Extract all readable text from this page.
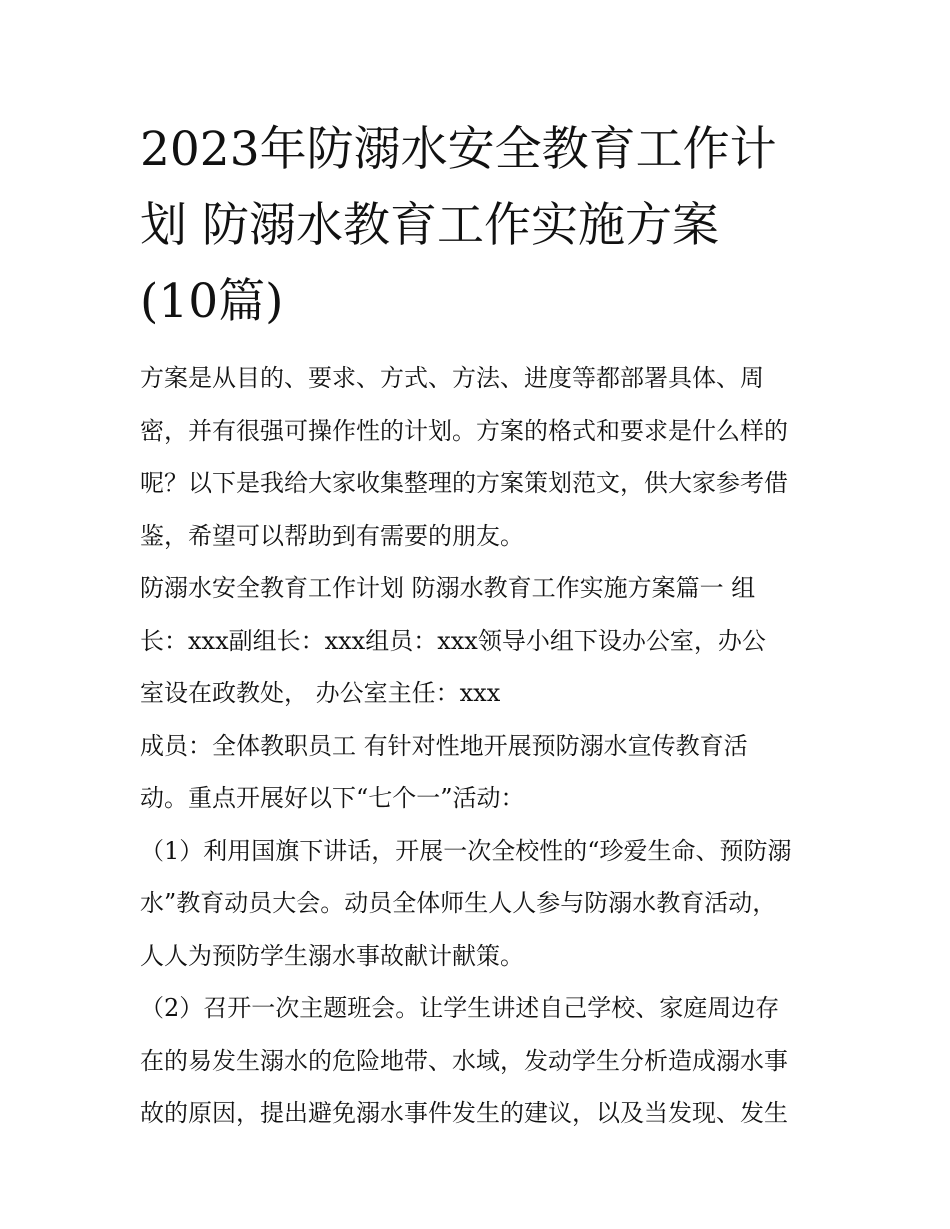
2023年防溺水安全教育工作计
划 防溺水教育工作实施方案
(10篇)

方案是从目的、要求、方式、方法、进度等都部署具体、周
密，并有很强可操作性的计划。方案的格式和要求是什么样的
呢？以下是我给大家收集整理的方案策划范文，供大家参考借
鉴，希望可以帮助到有需要的朋友。

防溺水安全教育工作计划 防溺水教育工作实施方案篇一 组
长：xxx副组长：xxx组员：xxx领导小组下设办公室，办公
室设在政教处， 办公室主任：xxx

成员：全体教职员工 有针对性地开展预防溺水宣传教育活
动。重点开展好以下“七个一”活动：

（1）利用国旗下讲话，开展一次全校性的“珍爱生命、预防溺
水”教育动员大会。动员全体师生人人参与防溺水教育活动，
人人为预防学生溺水事故献计献策。

（2）召开一次主题班会。让学生讲述自己学校、家庭周边存
在的易发生溺水的危险地带、水域，发动学生分析造成溺水事
故的原因，提出避免溺水事件发生的建议，以及当发现、发生
